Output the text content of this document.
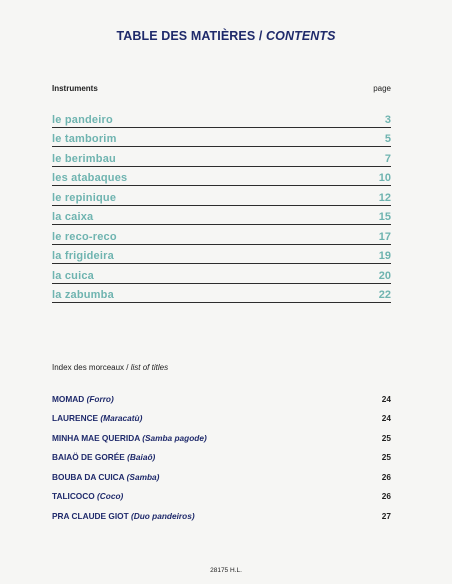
TABLE DES MATIÈRES / CONTENTS
Instruments	page
le pandeiro	3
le tamborim	5
le berimbau	7
les atabaques	10
le repinique	12
la caixa	15
le reco-reco	17
la frigideira	19
la cuica	20
la zabumba	22
Index des morceaux / list of titles
MOMAD (Forro)	24
LAURENCE (Maracatù)	24
MINHA MAE QUERIDA (Samba pagode)	25
BAIAÖ DE GORÉE (Baiaô)	25
BOUBA DA CUICA (Samba)	26
TALICOCO (Coco)	26
PRA CLAUDE GIOT (Duo pandeiros)	27
28175 H.L.
